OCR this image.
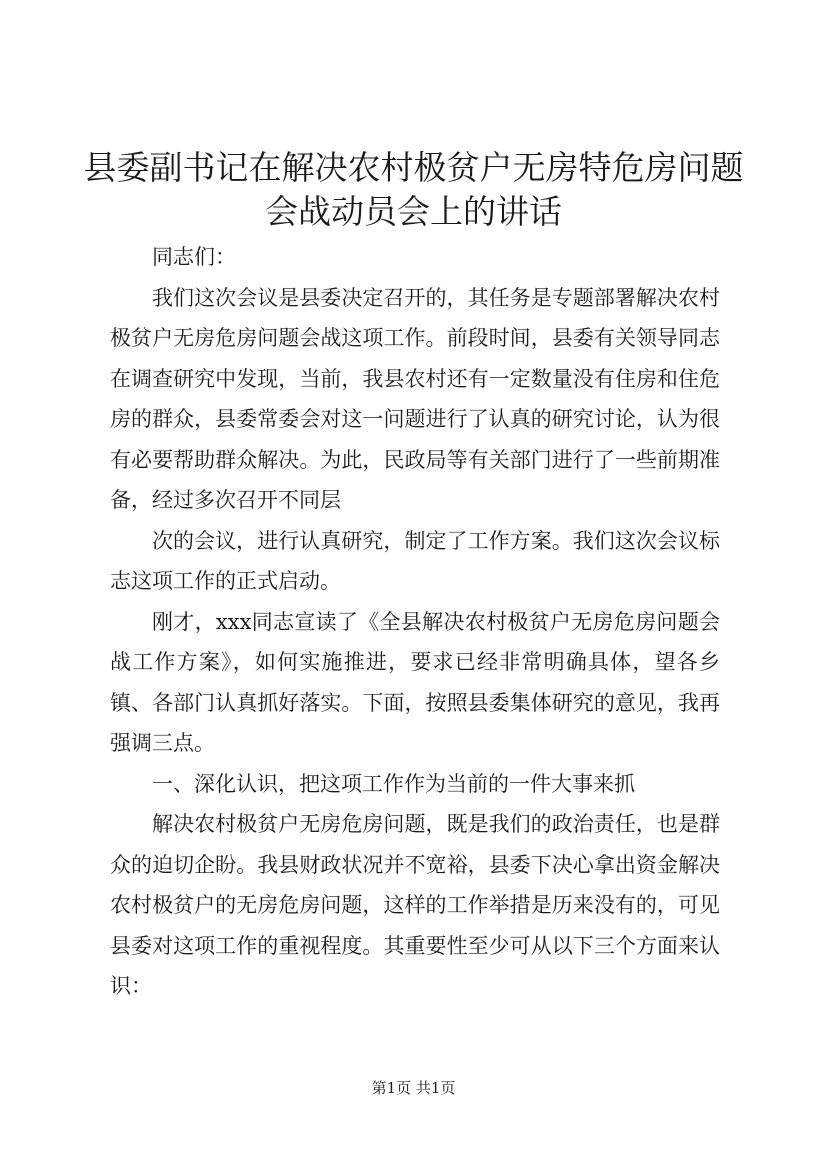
县委副书记在解决农村极贫户无房特危房问题
会战动员会上的讲话

同志们：

我们这次会议是县委决定召开的，其任务是专题部署解决农村极贫户无房危房问题会战这项工作。前段时间，县委有关领导同志在调查研究中发现，当前，我县农村还有一定数量没有住房和住危房的群众，县委常委会对这一问题进行了认真的研究讨论，认为很有必要帮助群众解决。为此，民政局等有关部门进行了一些前期准备，经过多次召开不同层

次的会议，进行认真研究，制定了工作方案。我们这次会议标志这项工作的正式启动。

刚才，xxx同志宣读了《全县解决农村极贫户无房危房问题会战工作方案》，如何实施推进，要求已经非常明确具体，望各乡镇、各部门认真抓好落实。下面，按照县委集体研究的意见，我再强调三点。

一、深化认识，把这项工作作为当前的一件大事来抓

解决农村极贫户无房危房问题，既是我们的政治责任，也是群众的迫切企盼。我县财政状况并不宽裕，县委下决心拿出资金解决农村极贫户的无房危房问题，这样的工作举措是历来没有的，可见县委对这项工作的重视程度。其重要性至少可从以下三个方面来认识：

第1页 共1页
